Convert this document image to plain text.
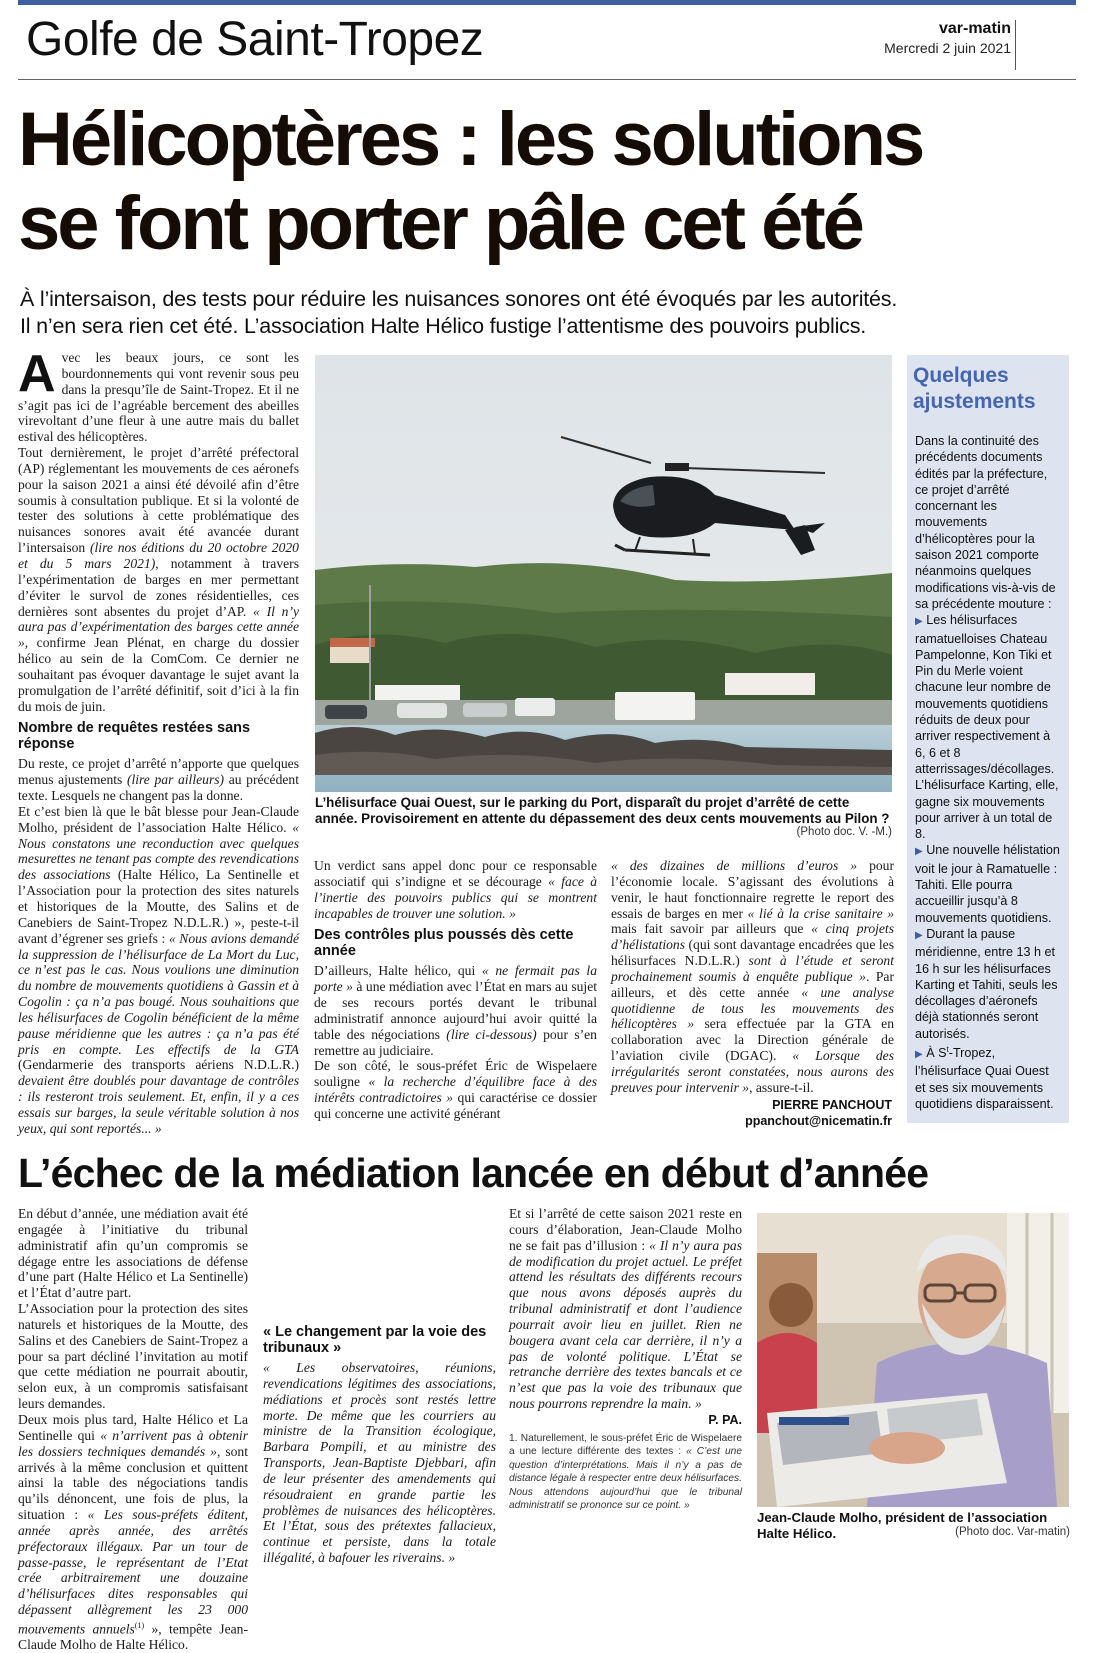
Golfe de Saint-Tropez	var-matin
Mercredi 2 juin 2021
Hélicoptères : les solutions
se font porter pâle cet été

À l’intersaison, des tests pour réduire les nuisances sonores ont été évoqués par les autorités.

Il n’en sera rien cet été. L’association Halte Hélico fustige l’attentisme des pouvoirs publics.

Avec les beaux jours, ce sont les bourdonnements qui vont revenir sous peu dans la presqu’île de Saint-Tropez. Et il ne s’agit pas ici de l’agréable bercement des abeilles virevoltant d’une fleur à une autre mais du ballet estival des hélicoptères.

Tout dernièrement, le projet d’arrêté préfectoral (AP) réglementant les mouvements de ces aéronefs pour la saison 2021 a ainsi été dévoilé afin d’être soumis à consultation publique. Et si la volonté de tester des solutions à cette problématique des nuisances sonores avait été avancée durant l’intersaison (lire nos éditions du 20 octobre 2020 et du 5 mars 2021), notamment à travers l’expérimentation de barges en mer permettant d’éviter le survol de zones résidentielles, ces dernières sont absentes du projet d’AP. « Il n’y aura pas d’expérimentation des barges cette année », confirme Jean Plénat, en charge du dossier hélico au sein de la ComCom. Ce dernier ne souhaitant pas évoquer davantage le sujet avant la promulgation de l’arrêté définitif, soit d’ici à la fin du mois de juin.

Nombre de requêtes restées sans réponse

Du reste, ce projet d’arrêté n’apporte que quelques menus ajustements (lire par ailleurs) au précédent texte. Lesquels ne changent pas la donne.

Et c’est bien là que le bât blesse pour Jean-Claude Molho, président de l’association Halte Hélico. « Nous constatons une reconduction avec quelques mesurettes ne tenant pas compte des revendications des associations (Halte Hélico, La Sentinelle et l’Association pour la protection des sites naturels et historiques de la Moutte, des Salins et de Canebiers de Saint-Tropez N.D.L.R.) », peste-t-il avant d’égrener ses griefs : « Nous avions demandé la suppression de l’hélisurface de La Mort du Luc, ce n’est pas le cas. Nous voulions une diminution du nombre de mouvements quotidiens à Gassin et à Cogolin : ça n’a pas bougé. Nous souhaitions que les hélisurfaces de Cogolin bénéficient de la même pause méridienne que les autres : ça n’a pas été pris en compte. Les effectifs de la GTA (Gendarmerie des transports aériens N.D.L.R.) devaient être doublés pour davantage de contrôles : ils resteront trois seulement. Et, enfin, il y a ces essais sur barges, la seule véritable solution à nos yeux, qui sont reportés... »

L’hélisurface Quai Ouest, sur le parking du Port, disparaît du projet d’arrêté de cette année. Provisoirement en attente du dépassement des deux cents mouvements au Pilon ?
(Photo doc. V. -M.)

Un verdict sans appel donc pour ce responsable associatif qui s’indigne et se décourage « face à l’inertie des pouvoirs publics qui se montrent incapables de trouver une solution. »

Des contrôles plus poussés dès cette année

D’ailleurs, Halte hélico, qui « ne fermait pas la porte » à une médiation avec l’État en mars au sujet de ses recours portés devant le tribunal administratif annonce aujourd’hui avoir quitté la table des négociations (lire ci-dessous) pour s’en remettre au judiciaire.

De son côté, le sous-préfet Éric de Wispelaere souligne « la recherche d’équilibre face à des intérêts contradictoires » qui caractérise ce dossier qui concerne une activité générant

« des dizaines de millions d’euros » pour l’économie locale. S’agissant des évolutions à venir, le haut fonctionnaire regrette le report des essais de barges en mer « lié à la crise sanitaire » mais fait savoir par ailleurs que « cinq projets d’hélistations (qui sont davantage encadrées que les hélisurfaces N.D.L.R.) sont à l’étude et seront prochainement soumis à enquête publique ». Par ailleurs, et dès cette année « une analyse quotidienne de tous les mouvements des hélicoptères » sera effectuée par la GTA en collaboration avec la Direction générale de l’aviation civile (DGAC). « Lorsque des irrégularités seront constatées, nous aurons des preuves pour intervenir », assure-t-il.

PIERRE PANCHOUT
ppanchout@nicematin.fr
Quelques
ajustements

Dans la continuité des précédents documents édités par la préfecture, ce projet d’arrêté concernant les mouvements d’hélicoptères pour la saison 2021 comporte néanmoins quelques modifications vis-à-vis de sa précédente mouture :

▶ Les hélisurfaces ramatuelloises Chateau Pampelonne, Kon Tiki et Pin du Merle voient chacune leur nombre de mouvements quotidiens réduits de deux pour arriver respectivement à 6, 6 et 8 atterrissages/décollages. L’hélisurface Karting, elle, gagne six mouvements pour arriver à un total de 8.

▶ Une nouvelle hélistation voit le jour à Ramatuelle : Tahiti. Elle pourra accueillir jusqu’à 8 mouvements quotidiens.

▶ Durant la pause méridienne, entre 13 h et 16 h sur les hélisurfaces Karting et Tahiti, seuls les décollages d’aéronefs déjà stationnés seront autorisés.

▶ À $S^t$-Tropez, l’hélisurface Quai Ouest et ses six mouvements quotidiens disparaissent.

L’échec de la médiation lancée en début d’année

En début d’année, une médiation avait été engagée à l’initiative du tribunal administratif afin qu’un compromis se dégage entre les associations de défense d’une part (Halte Hélico et La Sentinelle) et l’État d’autre part.

L’Association pour la protection des sites naturels et historiques de la Moutte, des Salins et des Canebiers de Saint-Tropez a pour sa part décliné l’invitation au motif que cette médiation ne pourrait aboutir, selon eux, à un compromis satisfaisant leurs demandes.

Deux mois plus tard, Halte Hélico et La Sentinelle qui « n’arrivent pas à obtenir les dossiers techniques demandés », sont arrivés à la même conclusion et quittent ainsi la table des négociations tandis qu’ils dénoncent, une fois de plus, la situation : « Les sous-préfets éditent, année après année, des arrêtés préfectoraux illégaux. Par un tour de passe-passe, le représentant de l’Etat crée arbitrairement une douzaine d’hélisurfaces dites responsables qui dépassent allègrement les 23 000 mouvements annuels$^{(1)}$ », tempête Jean-Claude Molho de Halte Hélico.

« Le changement par la voie des tribunaux »

« Les observatoires, réunions, revendications légitimes des associations, médiations et procès sont restés lettre morte. De même que les courriers au ministre de la Transition écologique, Barbara Pompili, et au ministre des Transports, Jean-Baptiste Djebbari, afin de leur présenter des amendements qui résoudraient en grande partie les problèmes de nuisances des hélicoptères. Et l’État, sous des prétextes fallacieux, continue et persiste, dans la totale illégalité, à bafouer les riverains. »

Et si l’arrêté de cette saison 2021 reste en cours d’élaboration, Jean-Claude Molho ne se fait pas d’illusion : « Il n’y aura pas de modification du projet actuel. Le préfet attend les résultats des différents recours que nous avons déposés auprès du tribunal administratif et dont l’audience pourrait avoir lieu en juillet. Rien ne bougera avant cela car derrière, il n’y a pas de volonté politique. L’État se retranche derrière des textes bancals et ce n’est que pas la voie des tribunaux que nous pourrons reprendre la main. »

P. PA.
1. Naturellement, le sous-préfet Éric de Wispelaere a une lecture différente des textes : « C’est une question d’interprétations. Mais il n’y a pas de distance légale à respecter entre deux hélisurfaces. Nous attendons aujourd’hui que le tribunal administratif se prononce sur ce point. »
Jean-Claude Molho, président de l’association Halte Hélico.	(Photo doc. Var-matin)
